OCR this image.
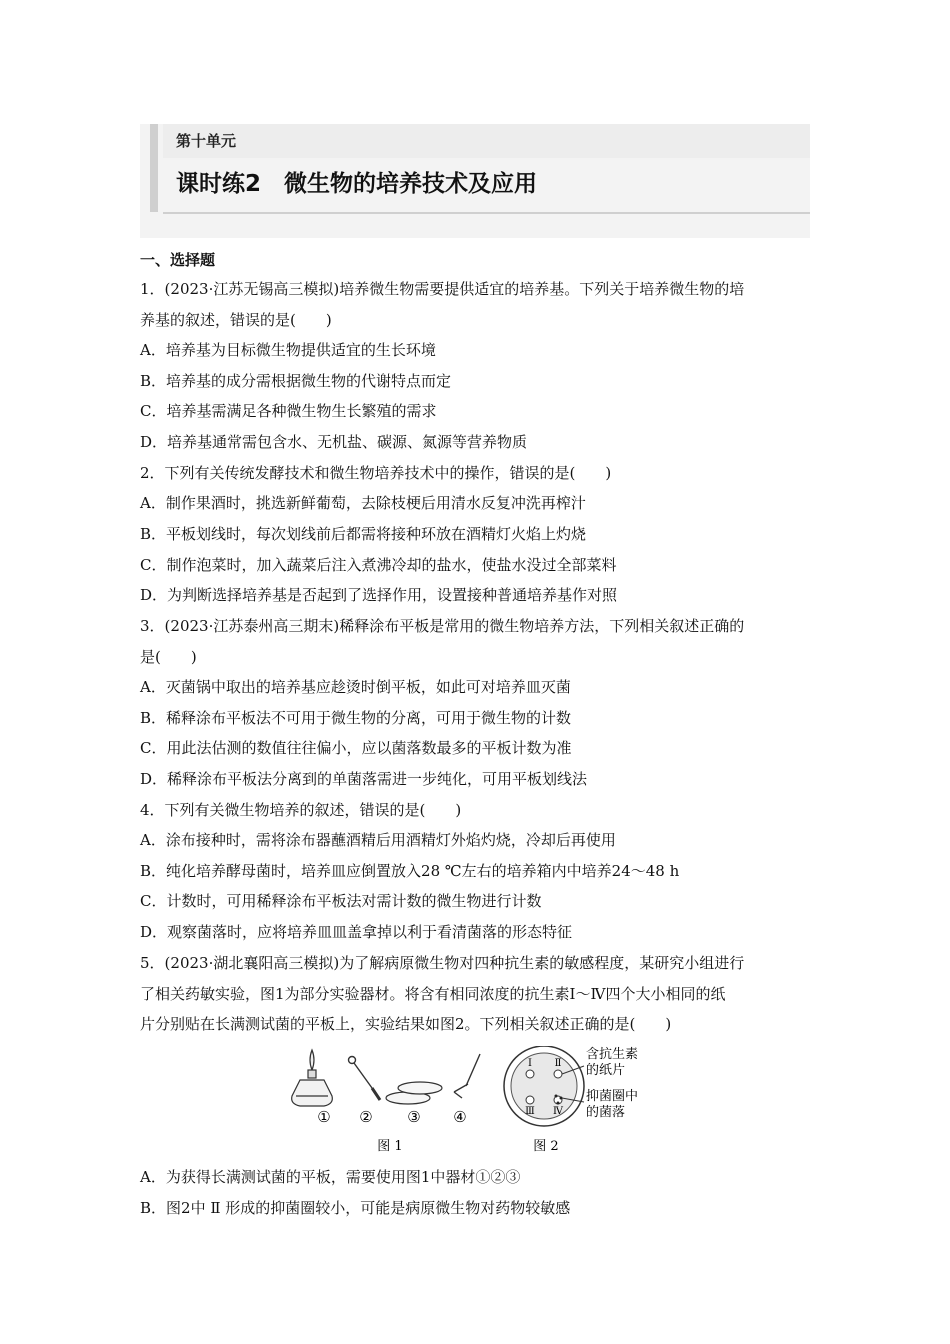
第十单元
课时练2　微生物的培养技术及应用
一、选择题
1．(2023·江苏无锡高三模拟)培养微生物需要提供适宜的培养基。下列关于培养微生物的培
养基的叙述，错误的是(　　)
A．培养基为目标微生物提供适宜的生长环境
B．培养基的成分需根据微生物的代谢特点而定
C．培养基需满足各种微生物生长繁殖的需求
D．培养基通常需包含水、无机盐、碳源、氮源等营养物质
2．下列有关传统发酵技术和微生物培养技术中的操作，错误的是(　　)
A．制作果酒时，挑选新鲜葡萄，去除枝梗后用清水反复冲洗再榨汁
B．平板划线时，每次划线前后都需将接种环放在酒精灯火焰上灼烧
C．制作泡菜时，加入蔬菜后注入煮沸冷却的盐水，使盐水没过全部菜料
D．为判断选择培养基是否起到了选择作用，设置接种普通培养基作对照
3．(2023·江苏泰州高三期末)稀释涂布平板是常用的微生物培养方法，下列相关叙述正确的
是(　　)
A．灭菌锅中取出的培养基应趁烫时倒平板，如此可对培养皿灭菌
B．稀释涂布平板法不可用于微生物的分离，可用于微生物的计数
C．用此法估测的数值往往偏小，应以菌落数最多的平板计数为准
D．稀释涂布平板法分离到的单菌落需进一步纯化，可用平板划线法
4．下列有关微生物培养的叙述，错误的是(　　)
A．涂布接种时，需将涂布器蘸酒精后用酒精灯外焰灼烧，冷却后再使用
B．纯化培养酵母菌时，培养皿应倒置放入28 ℃左右的培养箱内中培养24～48 h
C．计数时，可用稀释涂布平板法对需计数的微生物进行计数
D．观察菌落时，应将培养皿皿盖拿掉以利于看清菌落的形态特征
5．(2023·湖北襄阳高三模拟)为了解病原微生物对四种抗生素的敏感程度，某研究小组进行
了相关药敏实验，图1为部分实验器材。将含有相同浓度的抗生素Ⅰ～Ⅳ四个大小相同的纸
片分别贴在长满测试菌的平板上，实验结果如图2。下列相关叙述正确的是(　　)
① ② ③ ④
图 1
Ⅰ Ⅱ
Ⅲ Ⅳ
含抗生素
的纸片
抑菌圈中
的菌落
图 2
A．为获得长满测试菌的平板，需要使用图1中器材①②③
B．图2中 Ⅱ 形成的抑菌圈较小，可能是病原微生物对药物较敏感
